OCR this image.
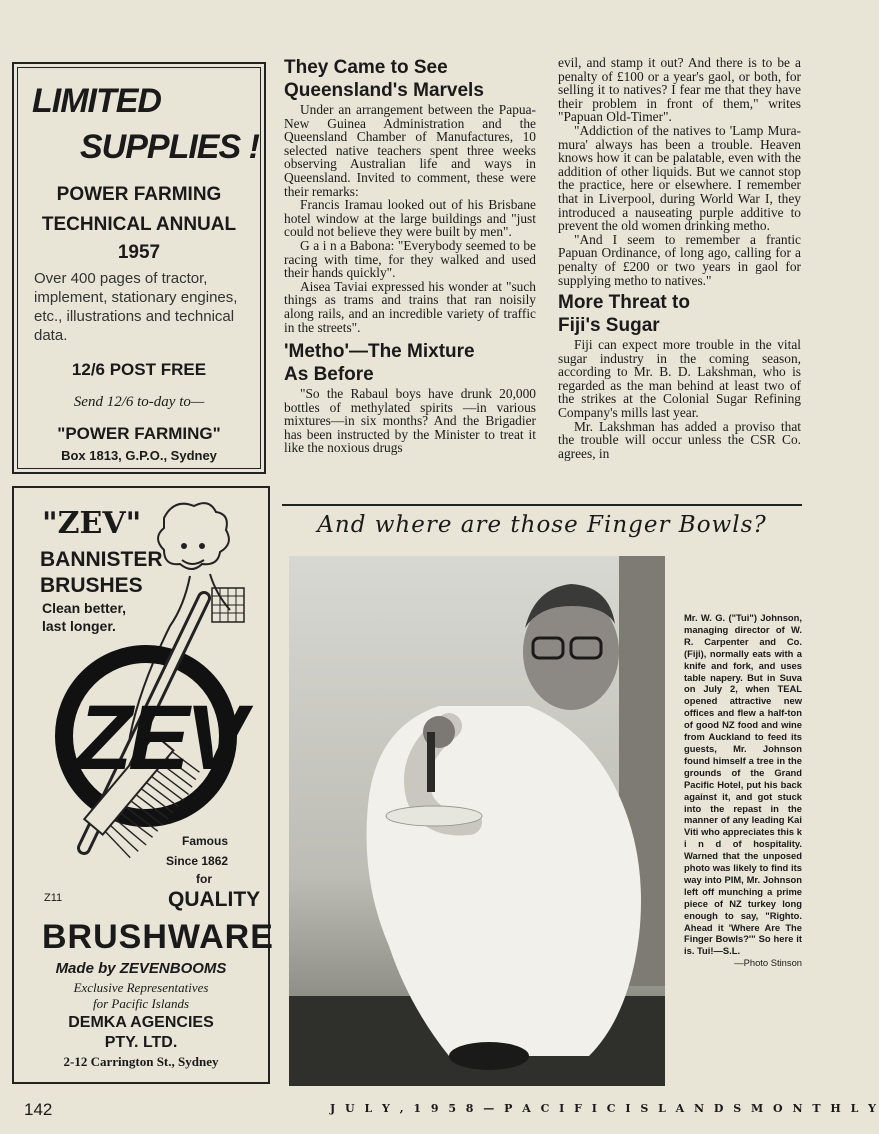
LIMITED
SUPPLIES !
POWER FARMING
TECHNICAL ANNUAL
1957
Over 400 pages of tractor, implement, stationary engines, etc., illustrations and technical data.
12/6 POST FREE
Send 12/6 to-day to—
"POWER FARMING"
Box 1813, G.P.O., Sydney
"ZEV"
BANNISTER
BRUSHES
Clean better,
last longer.
ZEV
Famous
Since 1862
for
Z11	QUALITY
BRUSHWARE
Made by ZEVENBOOMS
Exclusive Representatives
for Pacific Islands
DEMKA AGENCIES
PTY. LTD.
2-12 Carrington St., Sydney
They Came to See
Queensland's Marvels

Under an arrangement between the Papua-New Guinea Administration and the Queensland Chamber of Manufactures, 10 selected native teachers spent three weeks observing Australian life and ways in Queensland. Invited to comment, these were their remarks:

Francis Iramau looked out of his Brisbane hotel window at the large buildings and "just could not believe they were built by men".

G a i n a Babona: "Everybody seemed to be racing with time, for they walked and used their hands quickly".

Aisea Taviai expressed his wonder at "such things as trams and trains that ran noisily along rails, and an incredible variety of traffic in the streets".

'Metho'—The Mixture
As Before

"So the Rabaul boys have drunk 20,000 bottles of methylated spirits —in various mixtures—in six months? And the Brigadier has been instructed by the Minister to treat it like the noxious drugs

evil, and stamp it out? And there is to be a penalty of £100 or a year's gaol, or both, for selling it to natives? I fear me that they have their problem in front of them," writes "Papuan Old-Timer".

"Addiction of the natives to 'Lamp Mura-mura' always has been a trouble. Heaven knows how it can be palatable, even with the addition of other liquids. But we cannot stop the practice, here or elsewhere. I remember that in Liverpool, during World War I, they introduced a nauseating purple additive to prevent the old women drinking metho.

"And I seem to remember a frantic Papuan Ordinance, of long ago, calling for a penalty of £200 or two years in gaol for supplying metho to natives."

More Threat to
Fiji's Sugar

Fiji can expect more trouble in the vital sugar industry in the coming season, according to Mr. B. D. Lakshman, who is regarded as the man behind at least two of the strikes at the Colonial Sugar Refining Company's mills last year.

Mr. Lakshman has added a proviso that the trouble will occur unless the CSR Co. agrees, in

And where are those Finger Bowls?
Mr. W. G. ("Tui") Johnson, managing director of W. R. Carpenter and Co. (Fiji), normally eats with a knife and fork, and uses table napery. But in Suva on July 2, when TEAL opened attractive new offices and flew a half-ton of good NZ food and wine from Auckland to feed its guests, Mr. Johnson found himself a tree in the grounds of the Grand Pacific Hotel, put his back against it, and got stuck into the repast in the manner of any leading Kai Viti who appreciates this k i n d of hospitality. Warned that the unposed photo was likely to find its way into PIM, Mr. Johnson left off munching a prime piece of NZ turkey long enough to say, "Righto. Ahead it 'Where Are The Finger Bowls?'" So here it is. Tui!—S.L.
—Photo Stinson
142	J U L Y , 1 9 5 8 — P A C I F I C I S L A N D S M O N T H L Y
